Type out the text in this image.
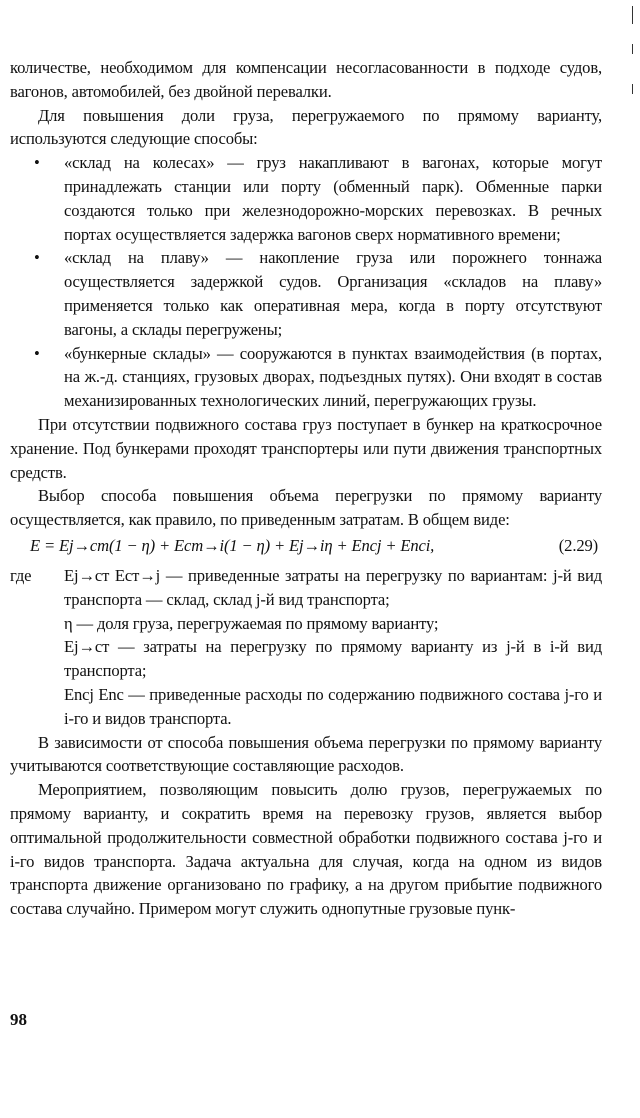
количестве, необходимом для компенсации несогласованности в подходе судов, вагонов, автомобилей, без двойной перевалки.

Для повышения доли груза, перегружаемого по прямому варианту, используются следующие способы:

• «склад на колесах» — груз накапливают в вагонах, которые могут принадлежать станции или порту (обменный парк). Обменные парки создаются только при железнодорожно-морских перевозках. В речных портах осуществляется задержка вагонов сверх нормативного времени;
• «склад на плаву» — накопление груза или порожнего тоннажа осуществляется задержкой судов. Организация «складов на плаву» применяется только как оперативная мера, когда в порту отсутствуют вагоны, а склады перегружены;
• «бункерные склады» — сооружаются в пунктах взаимодействия (в портах, на ж.-д. станциях, грузовых дворах, подъездных путях). Они входят в состав механизированных технологических линий, перегружающих грузы.

При отсутствии подвижного состава груз поступает в бункер на краткосрочное хранение. Под бункерами проходят транспортеры или пути движения транспортных средств.

Выбор способа повышения объема перегрузки по прямому варианту осуществляется, как правило, по приведенным затратам. В общем виде:

E = Ej→ст(1 − η) + Eст→i(1 − η) + Ej→iη + Encj + Enci,	(2.29)
где	Ej→ст Eст→j — приведенные затраты на перегрузку по вариантам: j-й вид транспорта — склад, склад j-й вид транспорта;

η — доля груза, перегружаемая по прямому варианту;

Ej→ст — затраты на перегрузку по прямому варианту из j-й в i-й вид транспорта;

Encj Enc — приведенные расходы по содержанию подвижного состава j-го и i-го и видов транспорта.

В зависимости от способа повышения объема перегрузки по прямому варианту учитываются соответствующие составляющие расходов.

Мероприятием, позволяющим повысить долю грузов, перегружаемых по прямому варианту, и сократить время на перевозку грузов, является выбор оптимальной продолжительности совместной обработки подвижного состава j-го и i-го видов транспорта. Задача актуальна для случая, когда на одном из видов транспорта движение организовано по графику, а на другом прибытие подвижного состава случайно. Примером могут служить однопутные грузовые пунк-

98
